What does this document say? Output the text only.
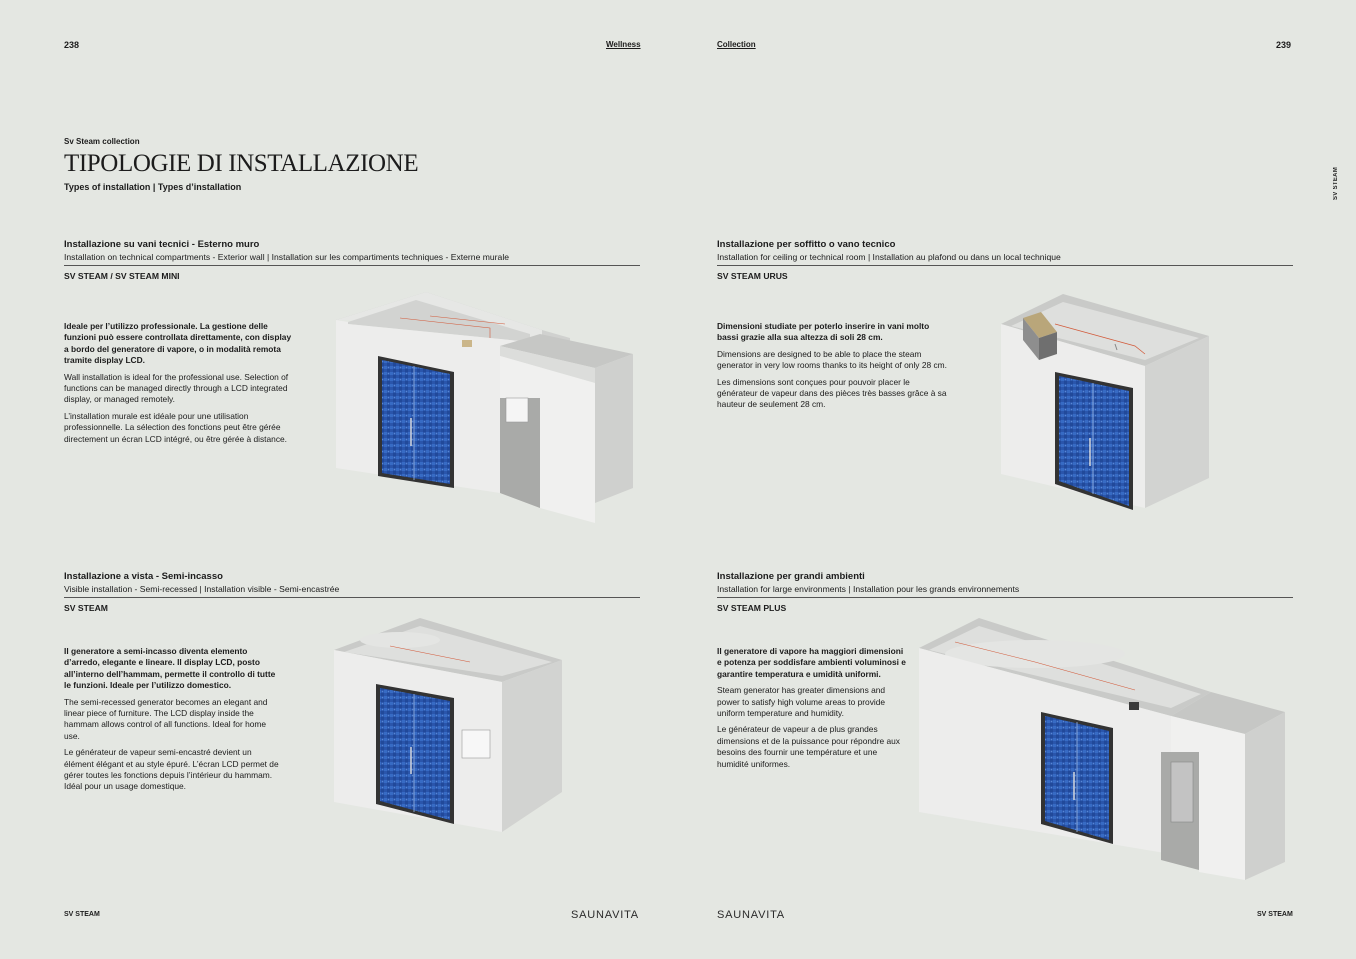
238	Wellness	Collection	239
Sv Steam collection
TIPOLOGIE DI INSTALLAZIONE
Types of installation | Types d’installation	SV STEAM
Installazione su vani tecnici - Esterno muro
Installation on technical compartments - Exterior wall | Installation sur les compartiments techniques - Externe murale
SV STEAM / SV STEAM MINI

Ideale per l’utilizzo professionale. La gestione delle funzioni può essere controllata direttamente, con display a bordo del generatore di vapore, o in modalità remota tramite display LCD.

Wall installation is ideal for the professional use. Selection of functions can be managed directly through a LCD integrated display, or managed remotely.

L’installation murale est idéale pour une utilisation professionnelle. La sélection des fonctions peut être gérée directement un écran LCD intégré, ou être gérée à distance.

Installazione per soffitto o vano tecnico
Installation for ceiling or technical room | Installation au plafond ou dans un local technique
SV STEAM URUS

Dimensioni studiate per poterlo inserire in vani molto bassi grazie alla sua altezza di soli 28 cm.

Dimensions are designed to be able to place the steam generator in very low rooms thanks to its height of only 28 cm.

Les dimensions sont conçues pour pouvoir placer le générateur de vapeur dans des pièces très basses grâce à sa hauteur de seulement 28 cm.

Installazione a vista - Semi-incasso
Visible installation - Semi-recessed | Installation visible - Semi-encastrée
SV STEAM

Il generatore a semi-incasso diventa elemento d’arredo, elegante e lineare. Il display LCD, posto all’interno dell’hammam, permette il controllo di tutte le funzioni. Ideale per l’utilizzo domestico.

The semi-recessed generator becomes an elegant and linear piece of furniture. The LCD display inside the hammam allows control of all functions. Ideal for home use.

Le générateur de vapeur semi-encastré devient un élément élégant et au style épuré. L’écran LCD permet de gérer toutes les fonctions depuis l’intérieur du hammam. Idéal pour un usage domestique.

Installazione per grandi ambienti
Installation for large environments | Installation pour les grands environnements
SV STEAM PLUS

Il generatore di vapore ha maggiori dimensioni e potenza per soddisfare ambienti voluminosi e garantire temperatura e umidità uniformi.

Steam generator has greater dimensions and power to satisfy high volume areas to provide uniform temperature and humidity.

Le générateur de vapeur a de plus grandes dimensions et de la puissance pour répondre aux besoins des fournir une température et une humidité uniformes.

SV STEAM	SAUNAVITA	SAUNAVITA	SV STEAM
